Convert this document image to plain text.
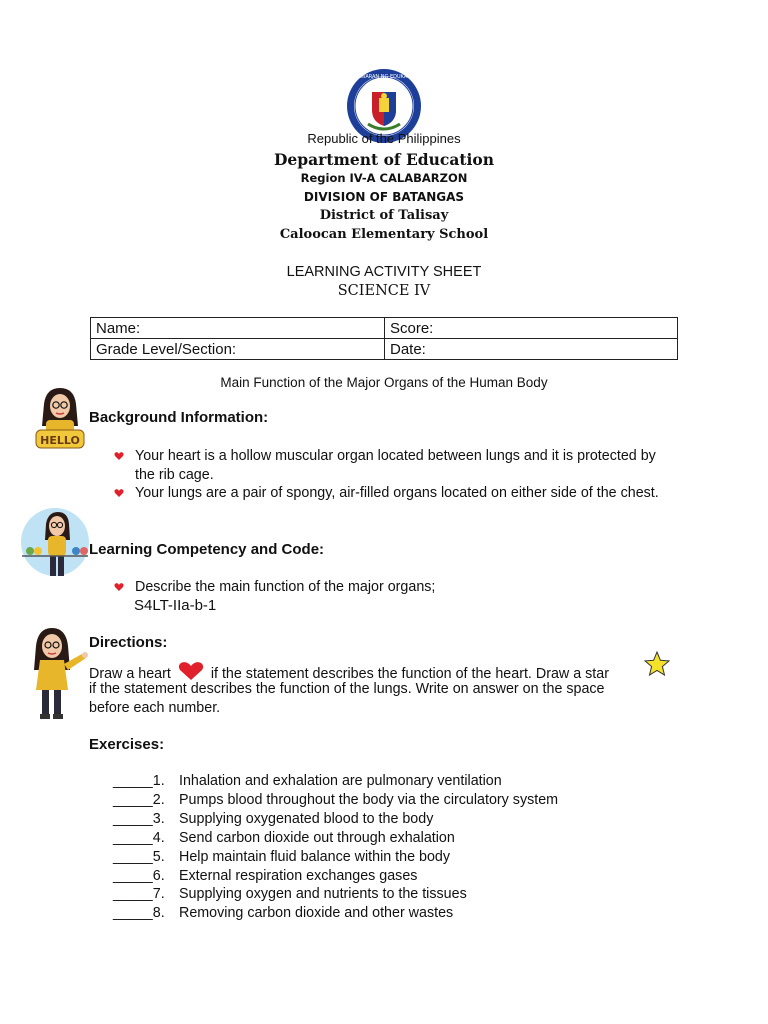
KAGAWARAN NG EDUKASYON
Republic of the Philippines
Department of Education
Region IV-A CALABARZON
DIVISION OF BATANGAS
District of Talisay
Caloocan Elementary School
LEARNING ACTIVITY SHEET
SCIENCE IV
Name:	Score:
Grade Level/Section:	Date:
Main Function of the Major Organs of the Human Body
HELLO
Background Information:
Your heart is a hollow muscular organ located between lungs and it is protected by the rib cage.
Your lungs are a pair of spongy, air-filled organs located on either side of the chest.
Learning Competency and Code:
Describe the main function of the major organs;
S4LT-IIa-b-1
Directions:
Draw a heart	if the statement describes the function of the heart. Draw a star
if the statement describes the function of the lungs. Write on answer on the space before each number.
Exercises:
_____1. Inhalation and exhalation are pulmonary ventilation
_____2. Pumps blood throughout the body via the circulatory system
_____3. Supplying oxygenated blood to the body
_____4. Send carbon dioxide out through exhalation
_____5. Help maintain fluid balance within the body
_____6. External respiration exchanges gases
_____7. Supplying oxygen and nutrients to the tissues
_____8. Removing carbon dioxide and other wastes
